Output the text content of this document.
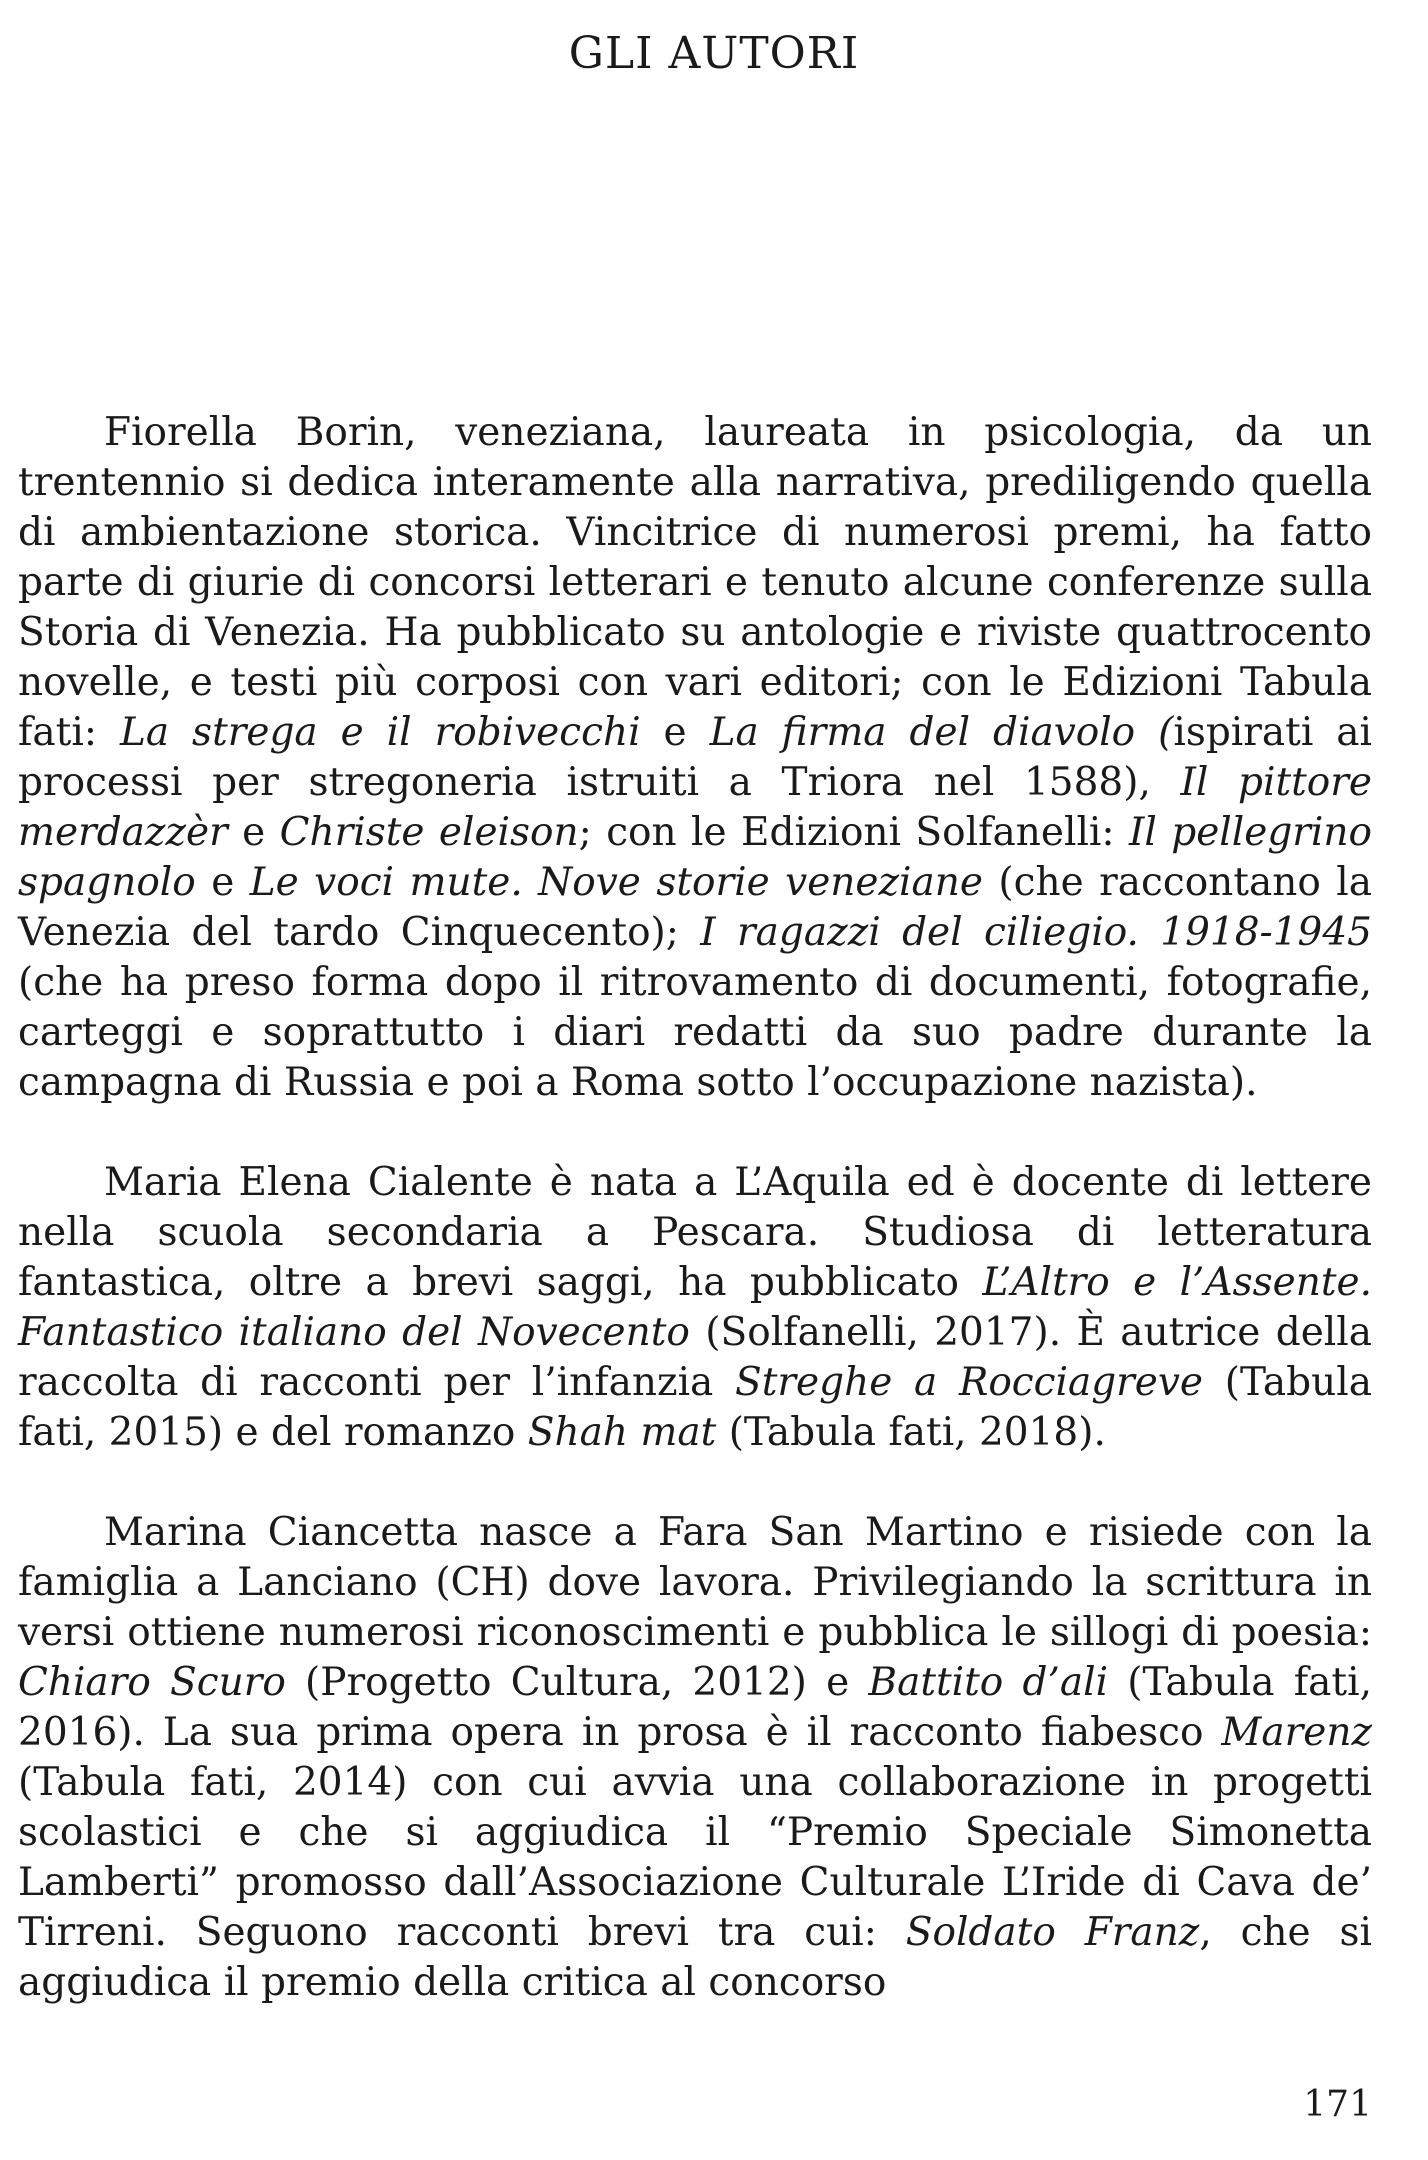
GLI AUTORI

Fiorella Borin, veneziana, laureata in psicologia, da un trentennio si dedica interamente alla narrativa, prediligendo quella di ambientazione storica. Vincitrice di numerosi premi, ha fatto parte di giurie di concorsi letterari e tenuto alcune conferenze sulla Storia di Venezia. Ha pubblicato su antologie e riviste quattrocento novelle, e testi più corposi con vari editori; con le Edizioni Tabula fati: La strega e il robivecchi e La firma del diavolo (ispirati ai processi per stregoneria istruiti a Triora nel 1588), Il pittore merdazzèr e Christe eleison; con le Edizioni Solfanelli: Il pellegrino spagnolo e Le voci mute. Nove storie veneziane (che raccontano la Venezia del tardo Cinquecento); I ragazzi del ciliegio. 1918-1945 (che ha preso forma dopo il ritrovamento di documenti, fotografie, carteggi e soprattutto i diari redatti da suo padre durante la campagna di Russia e poi a Roma sotto l’occupazione nazista).

Maria Elena Cialente è nata a L’Aquila ed è docente di lettere nella scuola secondaria a Pescara. Studiosa di letteratura fantastica, oltre a brevi saggi, ha pubblicato L’Altro e l’Assente. Fantastico italiano del Novecento (Solfanelli, 2017). È autrice della raccolta di racconti per l’infanzia Streghe a Rocciagreve (Tabula fati, 2015) e del romanzo Shah mat (Tabula fati, 2018).

Marina Ciancetta nasce a Fara San Martino e risiede con la famiglia a Lanciano (CH) dove lavora. Privilegiando la scrittura in versi ottiene numerosi riconoscimenti e pubblica le sillogi di poesia: Chiaro Scuro (Progetto Cultura, 2012) e Battito d’ali (Tabula fati, 2016). La sua prima opera in prosa è il racconto fiabesco Marenz (Tabula fati, 2014) con cui avvia una collaborazione in progetti scolastici e che si aggiudica il “Premio Speciale Simonetta Lamberti” promosso dall’Associazione Culturale L’Iride di Cava de’ Tirreni. Seguono racconti brevi tra cui: Soldato Franz, che si aggiudica il premio della critica al concorso

171
